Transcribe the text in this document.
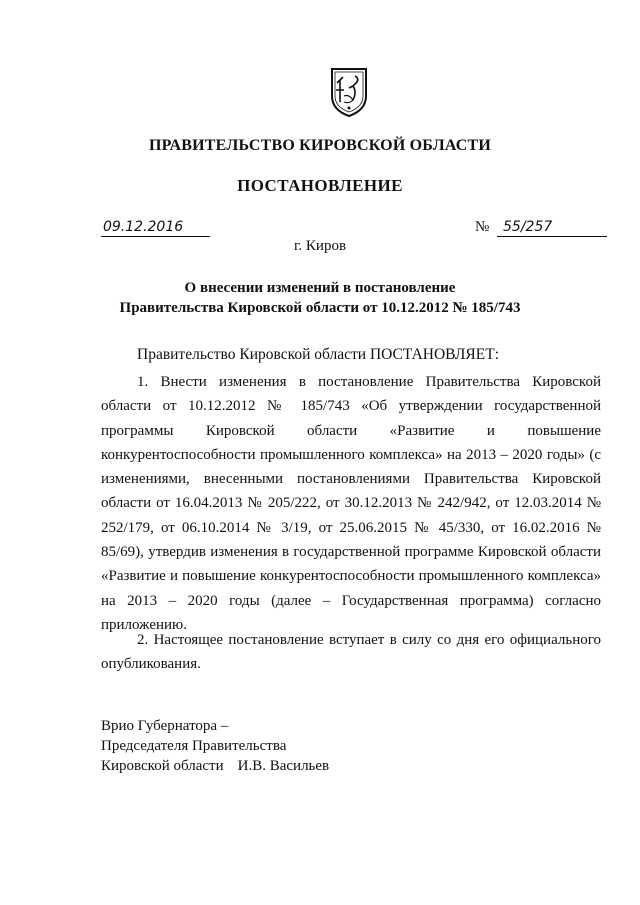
ПРАВИТЕЛЬСТВО КИРОВСКОЙ ОБЛАСТИ
ПОСТАНОВЛЕНИЕ
09.12.2016	№ 55/257
г. Киров
О внесении изменений в постановление
Правительства Кировской области от 10.12.2012 № 185/743
Правительство Кировской области ПОСТАНОВЛЯЕТ:
1. Внести изменения в постановление Правительства Кировской области от 10.12.2012 № 185/743 «Об утверждении государственной программы Кировской области «Развитие и повышение конкурентоспособности промышленного комплекса» на 2013 – 2020 годы» (с изменениями, внесенными постановлениями Правительства Кировской области от 16.04.2013 № 205/222, от 30.12.2013 № 242/942, от 12.03.2014 № 252/179, от 06.10.2014 № 3/19, от 25.06.2015 № 45/330, от 16.02.2016 № 85/69), утвердив изменения в государственной программе Кировской области «Развитие и повышение конкурентоспособности промышленного комплекса» на 2013 – 2020 годы (далее – Государственная программа) согласно приложению.
2. Настоящее постановление вступает в силу со дня его официального опубликования.
Врио Губернатора –
Председателя Правительства
Кировской области И.В. Васильев
